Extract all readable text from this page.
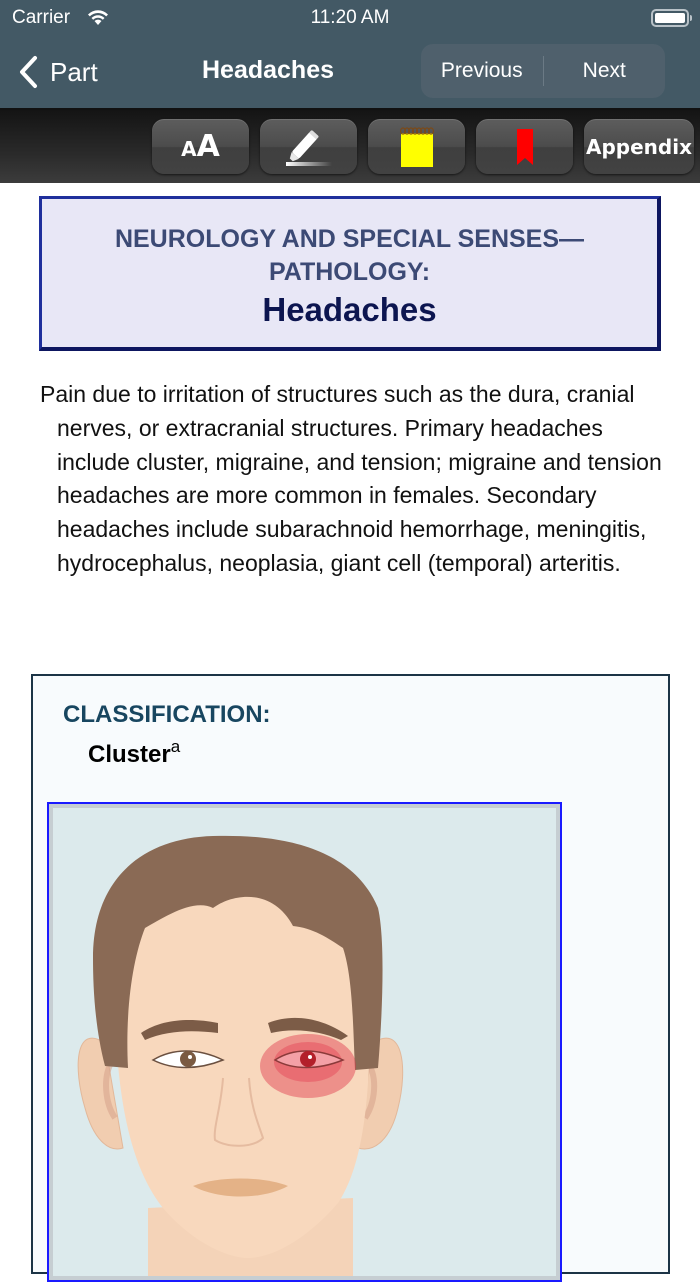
Carrier	11:20 AM
Part	Headaches	Previous	Next
AA	Appendix
NEUROLOGY AND SPECIAL SENSES—
PATHOLOGY:
Headaches

Pain due to irritation of structures such as the dura, cranial nerves, or extracranial structures. Primary headaches include cluster, migraine, and tension; migraine and tension headaches are more common in females. Secondary headaches include subarachnoid hemorrhage, meningitis, hydrocephalus, neoplasia, giant cell (temporal) arteritis.

CLASSIFICATION:
Cluster$^a$
